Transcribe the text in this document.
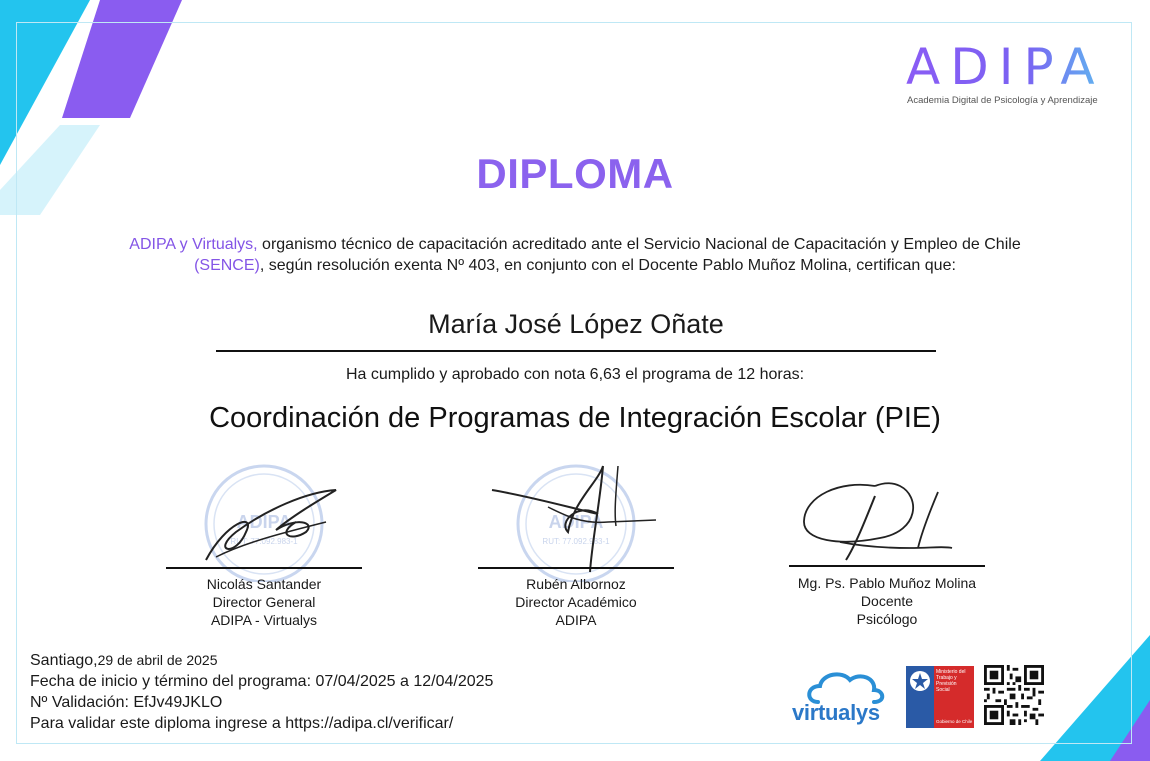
ADIPA
Academia Digital de Psicología y Aprendizaje
DIPLOMA
ADIPA y Virtualys, organismo técnico de capacitación acreditado ante el Servicio Nacional de Capacitación y Empleo de Chile (SENCE), según resolución exenta Nº 403, en conjunto con el Docente Pablo Muñoz Molina, certifican que:
María José López Oñate
Ha cumplido y aprobado con nota 6,63 el programa de 12 horas:
Coordinación de Programas de Integración Escolar (PIE)
ADIPA
RUT: 77.092.983-1
Nicolás Santander
Director General
ADIPA - Virtualys
ADIPA
RUT: 77.092.983-1
Rubén Albornoz
Director Académico
ADIPA
Mg. Ps. Pablo Muñoz Molina
Docente
Psicólogo
Santiago,29 de abril de 2025
Fecha de inicio y término del programa: 07/04/2025 a 12/04/2025
Nº Validación: EfJv49JKLO
Para validar este diploma ingrese a https://adipa.cl/verificar/	virtualys
Ministerio del
Trabajo y
Previsión
Social
Gobierno de Chile
